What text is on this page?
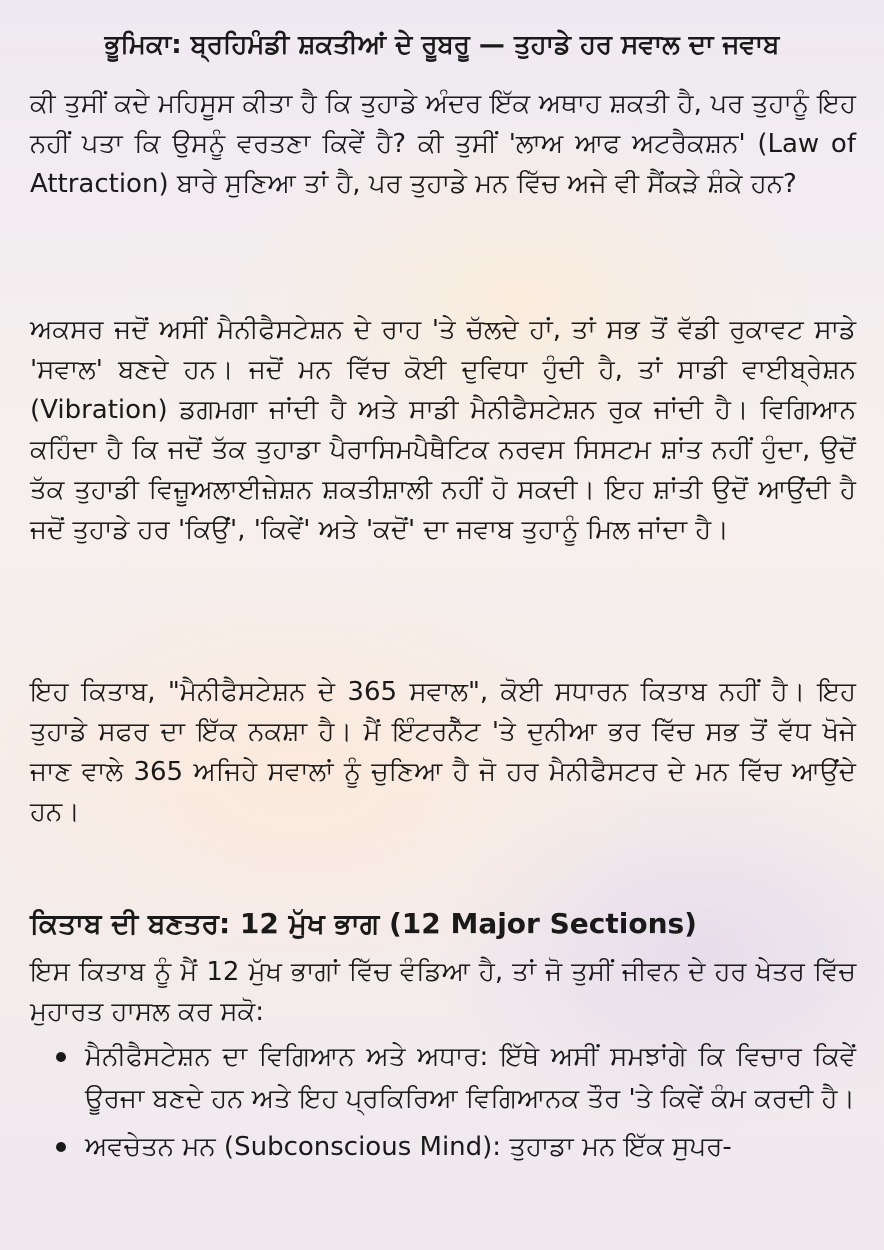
ਭੂਮਿਕਾ: ਬ੍ਰਹਿਮੰਡੀ ਸ਼ਕਤੀਆਂ ਦੇ ਰੂਬਰੂ — ਤੁਹਾਡੇ ਹਰ ਸਵਾਲ ਦਾ ਜਵਾਬ

ਕੀ ਤੁਸੀਂ ਕਦੇ ਮਹਿਸੂਸ ਕੀਤਾ ਹੈ ਕਿ ਤੁਹਾਡੇ ਅੰਦਰ ਇੱਕ ਅਥਾਹ ਸ਼ਕਤੀ ਹੈ, ਪਰ ਤੁਹਾਨੂੰ ਇਹ ਨਹੀਂ ਪਤਾ ਕਿ ਉਸਨੂੰ ਵਰਤਣਾ ਕਿਵੇਂ ਹੈ? ਕੀ ਤੁਸੀਂ 'ਲਾਅ ਆਫ ਅਟਰੈਕਸ਼ਨ' (Law of Attraction) ਬਾਰੇ ਸੁਣਿਆ ਤਾਂ ਹੈ, ਪਰ ਤੁਹਾਡੇ ਮਨ ਵਿੱਚ ਅਜੇ ਵੀ ਸੈਂਕੜੇ ਸ਼ੰਕੇ ਹਨ?

ਅਕਸਰ ਜਦੋਂ ਅਸੀਂ ਮੈਨੀਫੈਸਟੇਸ਼ਨ ਦੇ ਰਾਹ 'ਤੇ ਚੱਲਦੇ ਹਾਂ, ਤਾਂ ਸਭ ਤੋਂ ਵੱਡੀ ਰੁਕਾਵਟ ਸਾਡੇ 'ਸਵਾਲ' ਬਣਦੇ ਹਨ। ਜਦੋਂ ਮਨ ਵਿੱਚ ਕੋਈ ਦੁਵਿਧਾ ਹੁੰਦੀ ਹੈ, ਤਾਂ ਸਾਡੀ ਵਾਈਬ੍ਰੇਸ਼ਨ (Vibration) ਡਗਮਗਾ ਜਾਂਦੀ ਹੈ ਅਤੇ ਸਾਡੀ ਮੈਨੀਫੈਸਟੇਸ਼ਨ ਰੁਕ ਜਾਂਦੀ ਹੈ। ਵਿਗਿਆਨ ਕਹਿੰਦਾ ਹੈ ਕਿ ਜਦੋਂ ਤੱਕ ਤੁਹਾਡਾ ਪੈਰਾਸਿਮਪੈਥੈਟਿਕ ਨਰਵਸ ਸਿਸਟਮ ਸ਼ਾਂਤ ਨਹੀਂ ਹੁੰਦਾ, ਉਦੋਂ ਤੱਕ ਤੁਹਾਡੀ ਵਿਜ਼ੂਅਲਾਈਜ਼ੇਸ਼ਨ ਸ਼ਕਤੀਸ਼ਾਲੀ ਨਹੀਂ ਹੋ ਸਕਦੀ। ਇਹ ਸ਼ਾਂਤੀ ਉਦੋਂ ਆਉਂਦੀ ਹੈ ਜਦੋਂ ਤੁਹਾਡੇ ਹਰ 'ਕਿਉਂ', 'ਕਿਵੇਂ' ਅਤੇ 'ਕਦੋਂ' ਦਾ ਜਵਾਬ ਤੁਹਾਨੂੰ ਮਿਲ ਜਾਂਦਾ ਹੈ।

ਇਹ ਕਿਤਾਬ, "ਮੈਨੀਫੈਸਟੇਸ਼ਨ ਦੇ 365 ਸਵਾਲ", ਕੋਈ ਸਧਾਰਨ ਕਿਤਾਬ ਨਹੀਂ ਹੈ। ਇਹ ਤੁਹਾਡੇ ਸਫਰ ਦਾ ਇੱਕ ਨਕਸ਼ਾ ਹੈ। ਮੈਂ ਇੰਟਰਨੈੱਟ 'ਤੇ ਦੁਨੀਆ ਭਰ ਵਿੱਚ ਸਭ ਤੋਂ ਵੱਧ ਖੋਜੇ ਜਾਣ ਵਾਲੇ 365 ਅਜਿਹੇ ਸਵਾਲਾਂ ਨੂੰ ਚੁਣਿਆ ਹੈ ਜੋ ਹਰ ਮੈਨੀਫੈਸਟਰ ਦੇ ਮਨ ਵਿੱਚ ਆਉਂਦੇ ਹਨ।

ਕਿਤਾਬ ਦੀ ਬਣਤਰ: 12 ਮੁੱਖ ਭਾਗ (12 Major Sections)

ਇਸ ਕਿਤਾਬ ਨੂੰ ਮੈਂ 12 ਮੁੱਖ ਭਾਗਾਂ ਵਿੱਚ ਵੰਡਿਆ ਹੈ, ਤਾਂ ਜੋ ਤੁਸੀਂ ਜੀਵਨ ਦੇ ਹਰ ਖੇਤਰ ਵਿੱਚ ਮੁਹਾਰਤ ਹਾਸਲ ਕਰ ਸਕੋ:

ਮੈਨੀਫੈਸਟੇਸ਼ਨ ਦਾ ਵਿਗਿਆਨ ਅਤੇ ਅਧਾਰ: ਇੱਥੇ ਅਸੀਂ ਸਮਝਾਂਗੇ ਕਿ ਵਿਚਾਰ ਕਿਵੇਂ ਊਰਜਾ ਬਣਦੇ ਹਨ ਅਤੇ ਇਹ ਪ੍ਰਕਿਰਿਆ ਵਿਗਿਆਨਕ ਤੌਰ 'ਤੇ ਕਿਵੇਂ ਕੰਮ ਕਰਦੀ ਹੈ।
ਅਵਚੇਤਨ ਮਨ (Subconscious Mind): ਤੁਹਾਡਾ ਮਨ ਇੱਕ ਸੁਪਰ-
